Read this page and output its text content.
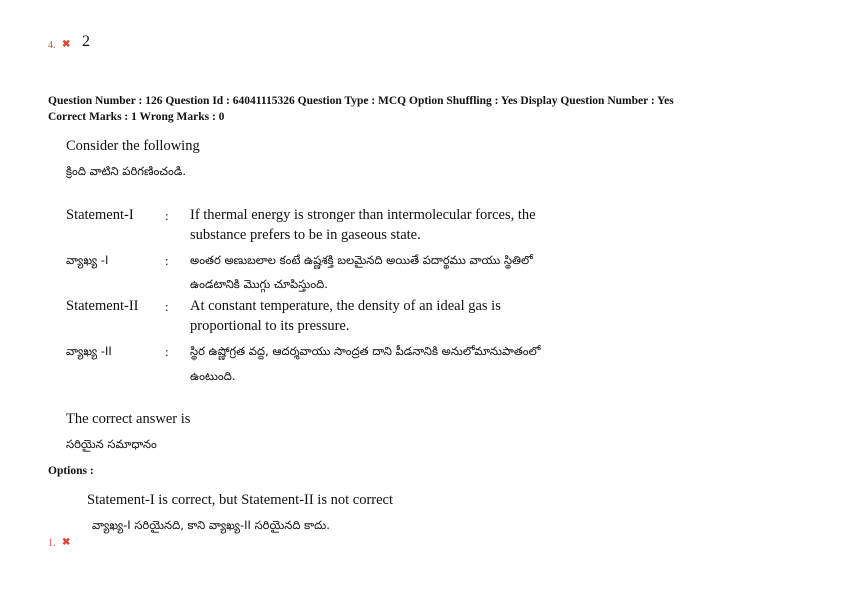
4. ✖ 2
Question Number : 126 Question Id : 64041115326 Question Type : MCQ Option Shuffling : Yes Display Question Number : Yes
Correct Marks : 1 Wrong Marks : 0
Consider the following
క్రింది వాటిని పరిగణించండి.
Statement-I : If thermal energy is stronger than intermolecular forces, the
substance prefers to be in gaseous state.
వ్యాఖ్య -I	: అంతర అణుబలాల కంటే ఉష్ణశక్తి బలమైనది అయితే పదార్థము వాయు స్థితిలో
ఉండటానికి మొగ్గు చూపిస్తుంది.
Statement-II : At constant temperature, the density of an ideal gas is
proportional to its pressure.
వ్యాఖ్య -II	: స్థిర ఉష్ణోగ్రత వద్ద, ఆదర్శవాయు సాంద్రత దాని పీడనానికి అనులోమానుపాతంలో
ఉంటుంది.
The correct answer is
సరియైన సమాధానం
Options :
Statement-I is correct, but Statement-II is not correct
వ్యాఖ్య-I సరియైనది, కాని వ్యాఖ్య-II సరియైనది కాదు.
1. ✖
